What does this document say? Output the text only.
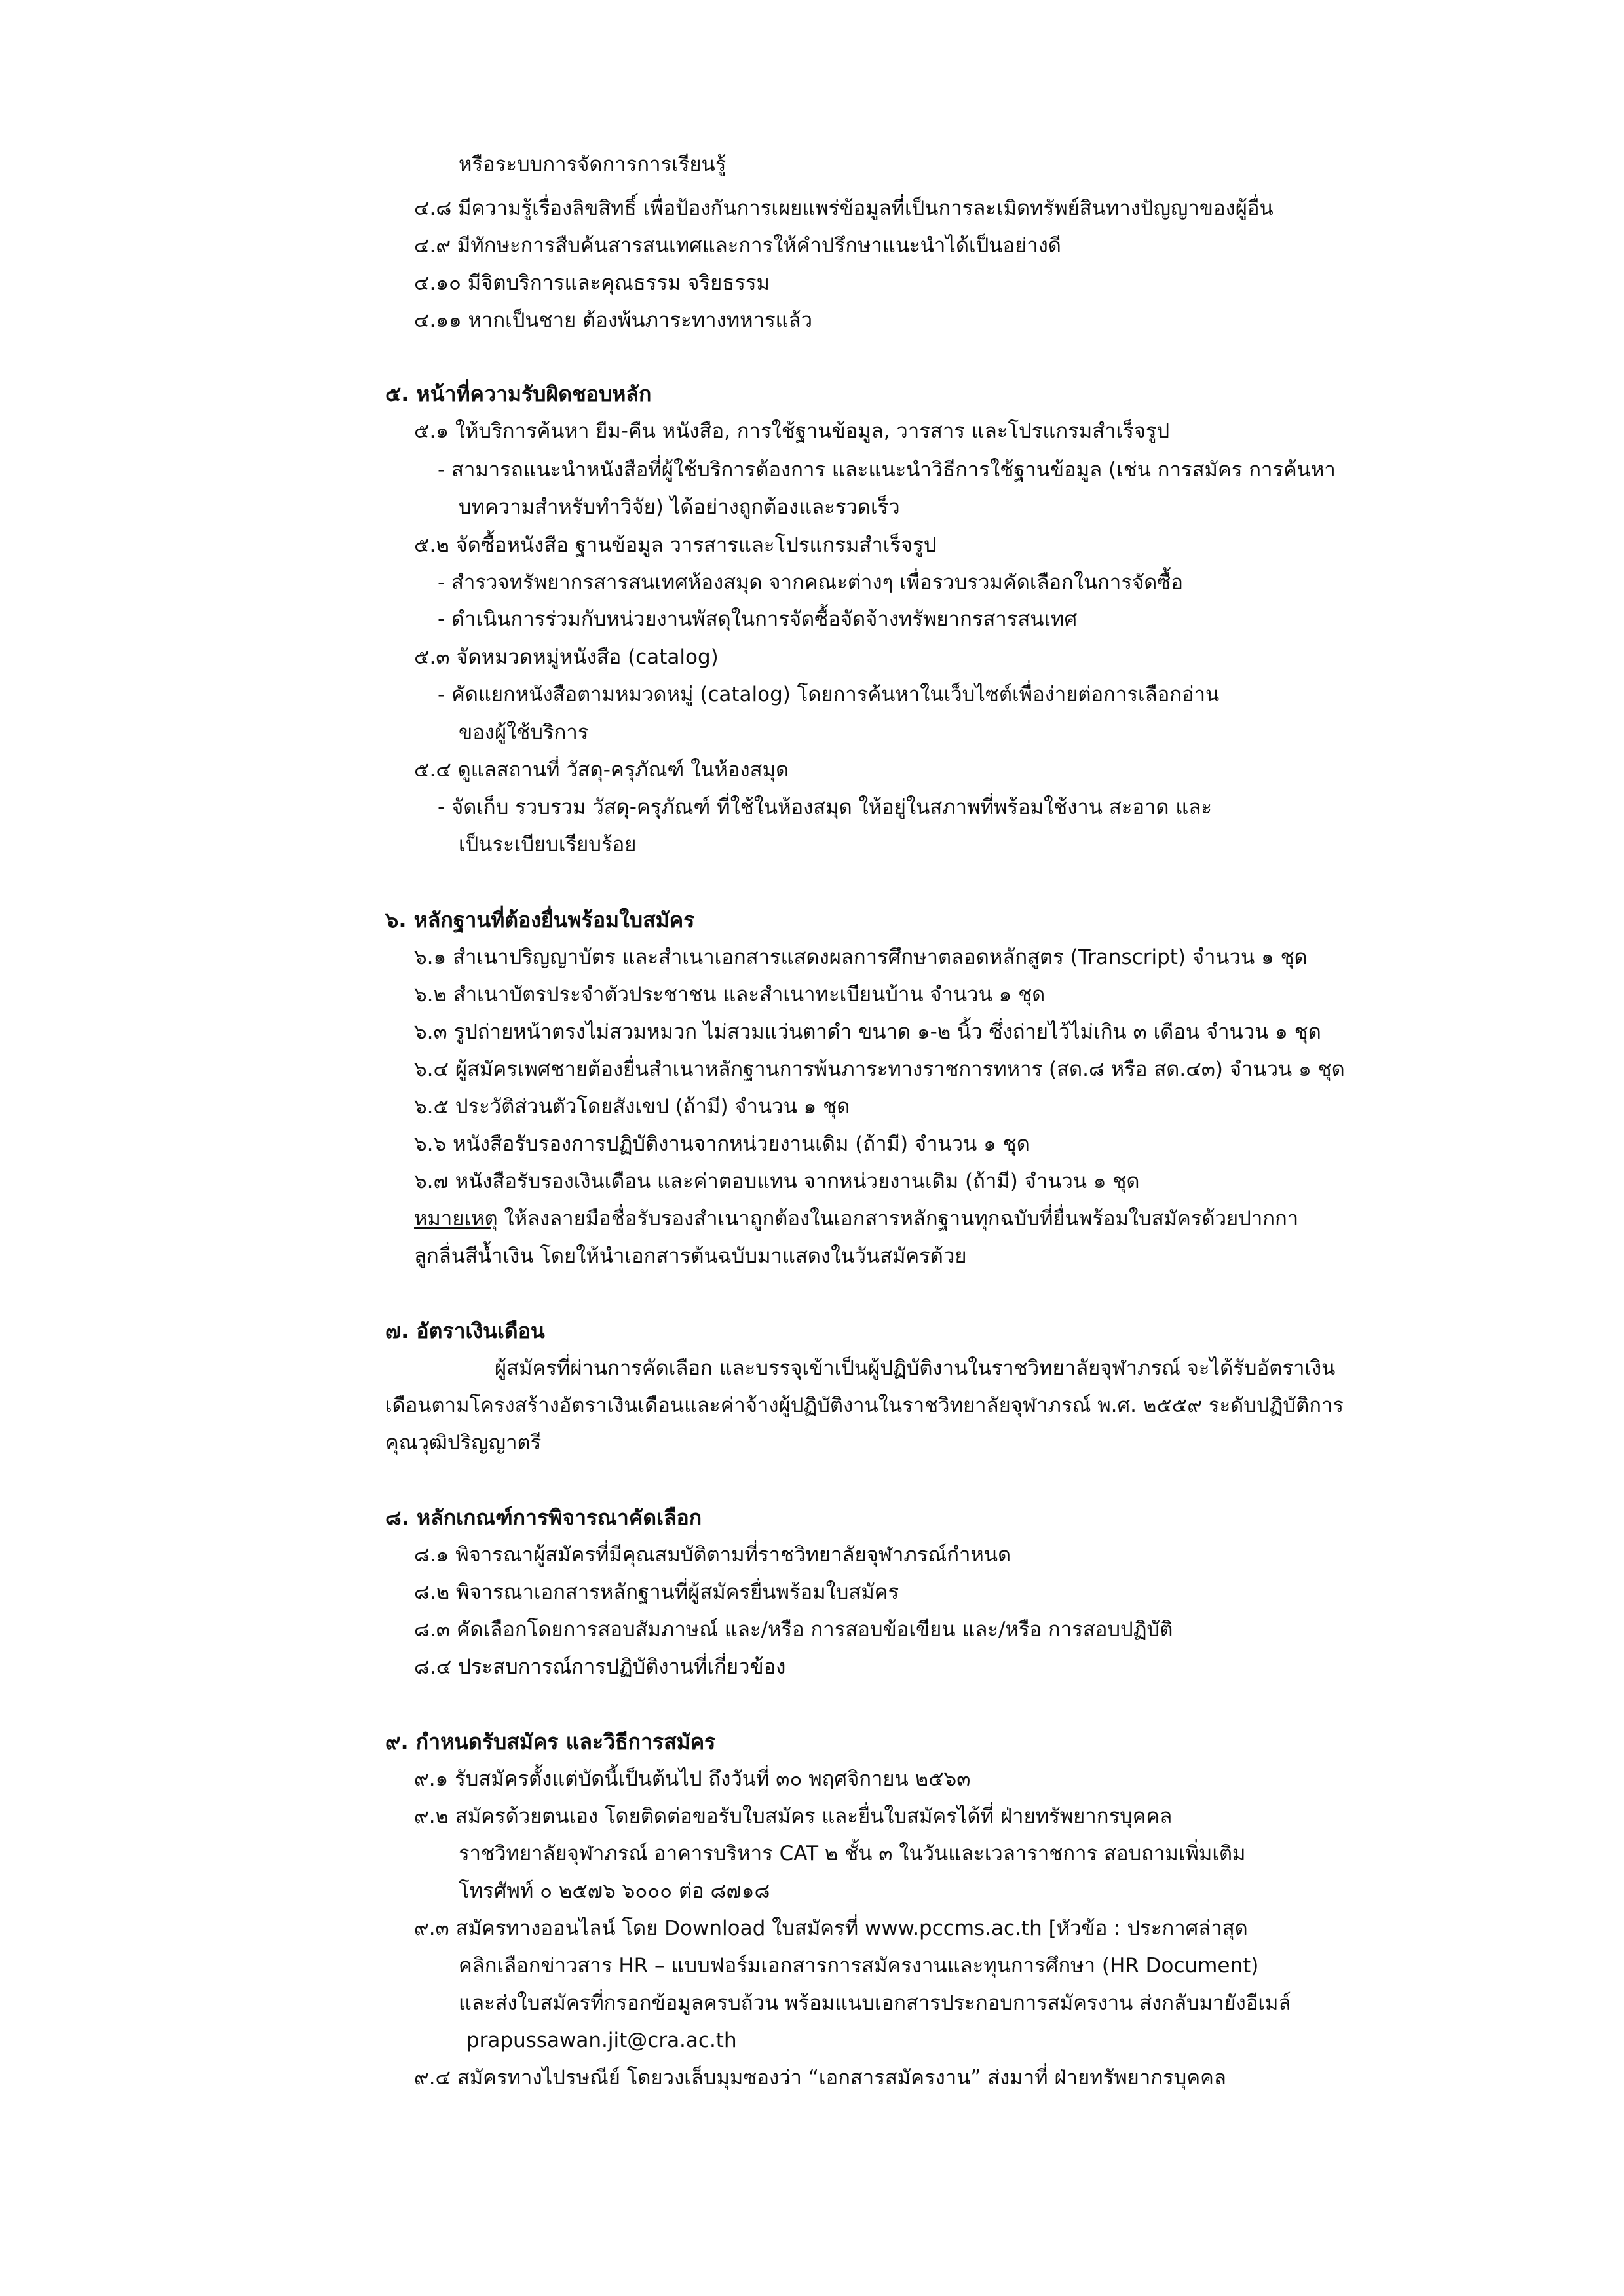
หรือระบบการจัดการการเรียนรู้
๔.๘ มีความรู้เรื่องลิขสิทธิ์ เพื่อป้องกันการเผยแพร่ข้อมูลที่เป็นการละเมิดทรัพย์สินทางปัญญาของผู้อื่น
๔.๙ มีทักษะการสืบค้นสารสนเทศและการให้คำปรึกษาแนะนำได้เป็นอย่างดี
๔.๑๐ มีจิตบริการและคุณธรรม จริยธรรม
๔.๑๑ หากเป็นชาย ต้องพ้นภาระทางทหารแล้ว
๕. หน้าที่ความรับผิดชอบหลัก
๕.๑ ให้บริการค้นหา ยืม-คืน หนังสือ, การใช้ฐานข้อมูล, วารสาร และโปรแกรมสำเร็จรูป
- สามารถแนะนำหนังสือที่ผู้ใช้บริการต้องการ และแนะนำวิธีการใช้ฐานข้อมูล (เช่น การสมัคร การค้นหา
บทความสำหรับทำวิจัย) ได้อย่างถูกต้องและรวดเร็ว
๕.๒ จัดซื้อหนังสือ ฐานข้อมูล วารสารและโปรแกรมสำเร็จรูป
- สำรวจทรัพยากรสารสนเทศห้องสมุด จากคณะต่างๆ เพื่อรวบรวมคัดเลือกในการจัดซื้อ
- ดำเนินการร่วมกับหน่วยงานพัสดุในการจัดซื้อจัดจ้างทรัพยากรสารสนเทศ
๕.๓ จัดหมวดหมู่หนังสือ (catalog)
- คัดแยกหนังสือตามหมวดหมู่ (catalog) โดยการค้นหาในเว็บไซต์เพื่อง่ายต่อการเลือกอ่าน
ของผู้ใช้บริการ
๕.๔ ดูแลสถานที่ วัสดุ-ครุภัณฑ์ ในห้องสมุด
- จัดเก็บ รวบรวม วัสดุ-ครุภัณฑ์ ที่ใช้ในห้องสมุด ให้อยู่ในสภาพที่พร้อมใช้งาน สะอาด และ
เป็นระเบียบเรียบร้อย
๖. หลักฐานที่ต้องยื่นพร้อมใบสมัคร
๖.๑ สำเนาปริญญาบัตร และสำเนาเอกสารแสดงผลการศึกษาตลอดหลักสูตร (Transcript) จำนวน ๑ ชุด
๖.๒ สำเนาบัตรประจำตัวประชาชน และสำเนาทะเบียนบ้าน จำนวน ๑ ชุด
๖.๓ รูปถ่ายหน้าตรงไม่สวมหมวก ไม่สวมแว่นตาดำ ขนาด ๑-๒ นิ้ว ซึ่งถ่ายไว้ไม่เกิน ๓ เดือน จำนวน ๑ ชุด
๖.๔ ผู้สมัครเพศชายต้องยื่นสำเนาหลักฐานการพ้นภาระทางราชการทหาร (สด.๘ หรือ สด.๔๓) จำนวน ๑ ชุด
๖.๕ ประวัติส่วนตัวโดยสังเขป (ถ้ามี) จำนวน ๑ ชุด
๖.๖ หนังสือรับรองการปฏิบัติงานจากหน่วยงานเดิม (ถ้ามี) จำนวน ๑ ชุด
๖.๗ หนังสือรับรองเงินเดือน และค่าตอบแทน จากหน่วยงานเดิม (ถ้ามี) จำนวน ๑ ชุด
หมายเหตุ ให้ลงลายมือชื่อรับรองสำเนาถูกต้องในเอกสารหลักฐานทุกฉบับที่ยื่นพร้อมใบสมัครด้วยปากกา
ลูกลื่นสีน้ำเงิน โดยให้นำเอกสารต้นฉบับมาแสดงในวันสมัครด้วย
๗. อัตราเงินเดือน
ผู้สมัครที่ผ่านการคัดเลือก และบรรจุเข้าเป็นผู้ปฏิบัติงานในราชวิทยาลัยจุฬาภรณ์ จะได้รับอัตราเงิน
เดือนตามโครงสร้างอัตราเงินเดือนและค่าจ้างผู้ปฏิบัติงานในราชวิทยาลัยจุฬาภรณ์ พ.ศ. ๒๕๕๙ ระดับปฏิบัติการ
คุณวุฒิปริญญาตรี
๘. หลักเกณฑ์การพิจารณาคัดเลือก
๘.๑ พิจารณาผู้สมัครที่มีคุณสมบัติตามที่ราชวิทยาลัยจุฬาภรณ์กำหนด
๘.๒ พิจารณาเอกสารหลักฐานที่ผู้สมัครยื่นพร้อมใบสมัคร
๘.๓ คัดเลือกโดยการสอบสัมภาษณ์ และ/หรือ การสอบข้อเขียน และ/หรือ การสอบปฏิบัติ
๘.๔ ประสบการณ์การปฏิบัติงานที่เกี่ยวข้อง
๙. กำหนดรับสมัคร และวิธีการสมัคร
๙.๑ รับสมัครตั้งแต่บัดนี้เป็นต้นไป ถึงวันที่ ๓๐ พฤศจิกายน ๒๕๖๓
๙.๒ สมัครด้วยตนเอง โดยติดต่อขอรับใบสมัคร และยื่นใบสมัครได้ที่ ฝ่ายทรัพยากรบุคคล
ราชวิทยาลัยจุฬาภรณ์ อาคารบริหาร CAT ๒ ชั้น ๓ ในวันและเวลาราชการ สอบถามเพิ่มเติม
โทรศัพท์ ๐ ๒๕๗๖ ๖๐๐๐ ต่อ ๘๗๑๘
๙.๓ สมัครทางออนไลน์ โดย Download ใบสมัครที่ www.pccms.ac.th [หัวข้อ : ประกาศล่าสุด
คลิกเลือกข่าวสาร HR – แบบฟอร์มเอกสารการสมัครงานและทุนการศึกษา (HR Document)
และส่งใบสมัครที่กรอกข้อมูลครบถ้วน พร้อมแนบเอกสารประกอบการสมัครงาน ส่งกลับมายังอีเมล์
prapussawan.jit@cra.ac.th
๙.๔ สมัครทางไปรษณีย์ โดยวงเล็บมุมซองว่า “เอกสารสมัครงาน” ส่งมาที่ ฝ่ายทรัพยากรบุคคล
